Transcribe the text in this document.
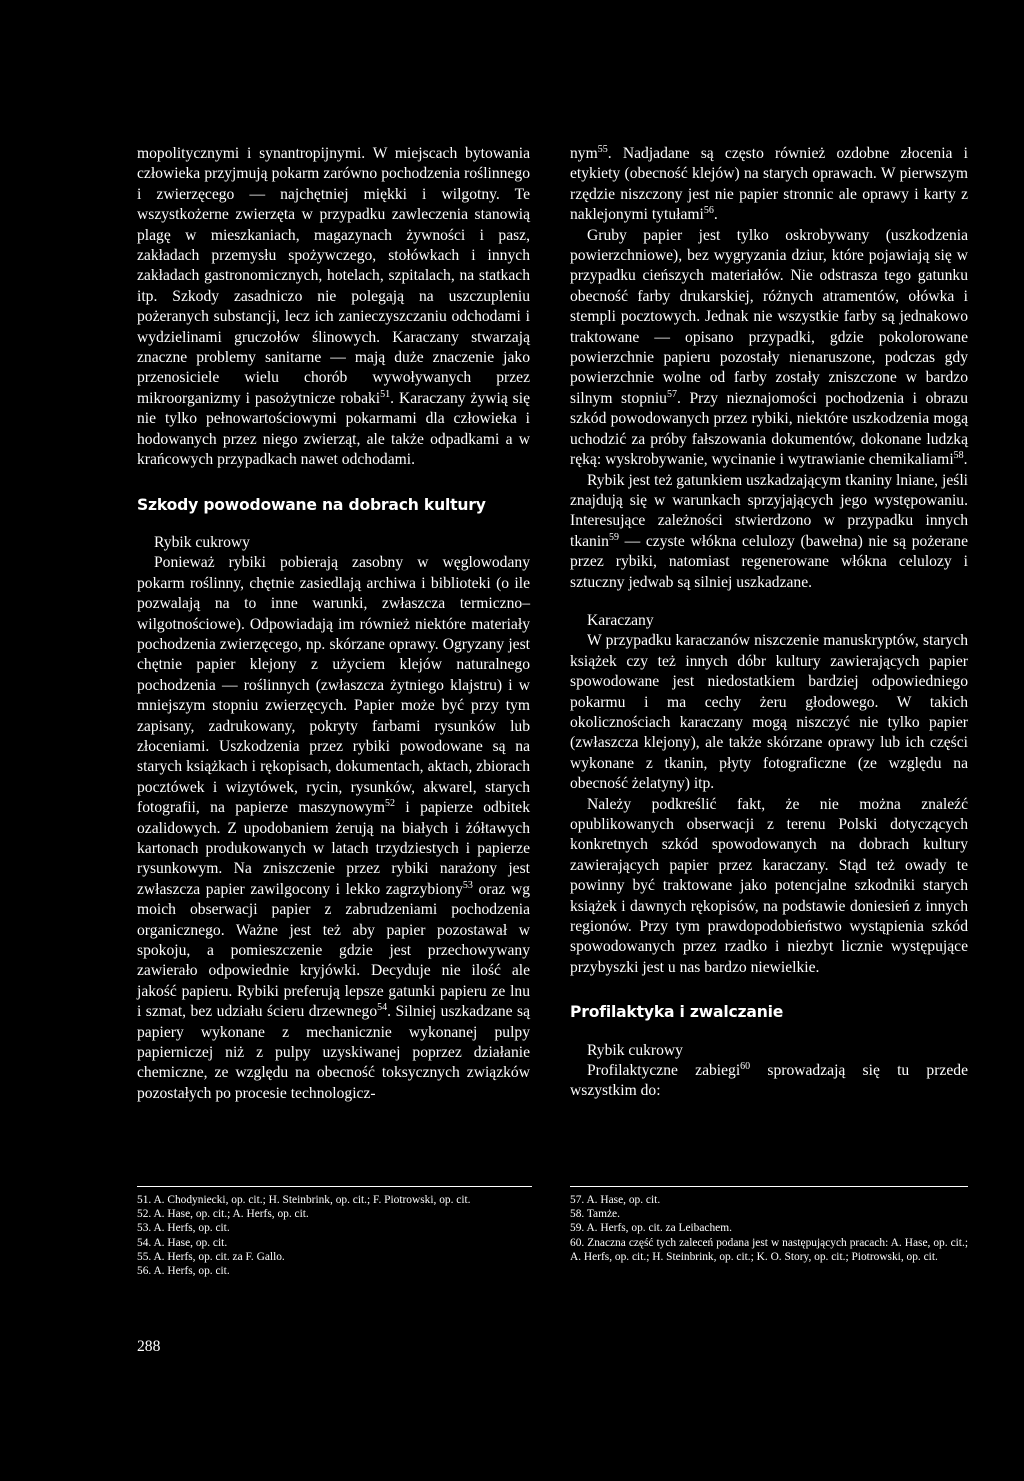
mopolitycznymi i synantropijnymi. W miejscach bytowania człowieka przyjmują pokarm zarówno pochodzenia roślinnego i zwierzęcego — najchętniej miękki i wilgotny. Te wszystkożerne zwierzęta w przypadku zawleczenia stanowią plagę w mieszkaniach, magazynach żywności i pasz, zakładach przemysłu spożywczego, stołówkach i innych zakładach gastronomicznych, hotelach, szpitalach, na statkach itp. Szkody zasadniczo nie polegają na uszczupleniu pożeranych substancji, lecz ich zanieczyszczaniu odchodami i wydzielinami gruczołów ślinowych. Karaczany stwarzają znaczne problemy sanitarne — mają duże znaczenie jako przenosiciele wielu chorób wywoływanych przez mikroorganizmy i pasożytnicze robaki$^{51}$. Karaczany żywią się nie tylko pełnowartościowymi pokarmami dla człowieka i hodowanych przez niego zwierząt, ale także odpadkami a w krańcowych przypadkach nawet odchodami.

Szkody powodowane na dobrach kultury
Rybik cukrowy

Ponieważ rybiki pobierają zasobny w węglowodany pokarm roślinny, chętnie zasiedlają archiwa i biblioteki (o ile pozwalają na to inne warunki, zwłaszcza termiczno–wilgotnościowe). Odpowiadają im również niektóre materiały pochodzenia zwierzęcego, np. skórzane oprawy. Ogryzany jest chętnie papier klejony z użyciem klejów naturalnego pochodzenia — roślinnych (zwłaszcza żytniego klajstru) i w mniejszym stopniu zwierzęcych. Papier może być przy tym zapisany, zadrukowany, pokryty farbami rysunków lub złoceniami. Uszkodzenia przez rybiki powodowane są na starych książkach i rękopisach, dokumentach, aktach, zbiorach pocztówek i wizytówek, rycin, rysunków, akwarel, starych fotografii, na papierze maszynowym$^{52}$ i papierze odbitek ozalidowych. Z upodobaniem żerują na białych i żółtawych kartonach produkowanych w latach trzydziestych i papierze rysunkowym. Na zniszczenie przez rybiki narażony jest zwłaszcza papier zawilgocony i lekko zagrzybiony$^{53}$ oraz wg moich obserwacji papier z zabrudzeniami pochodzenia organicznego. Ważne jest też aby papier pozostawał w spokoju, a pomieszczenie gdzie jest przechowywany zawierało odpowiednie kryjówki. Decyduje nie ilość ale jakość papieru. Rybiki preferują lepsze gatunki papieru ze lnu i szmat, bez udziału ścieru drzewnego$^{54}$. Silniej uszkadzane są papiery wykonane z mechanicznie wykonanej pulpy papierniczej niż z pulpy uzyskiwanej poprzez działanie chemiczne, ze względu na obecność toksycznych związków pozostałych po procesie technologicz-

nym$^{55}$. Nadjadane są często również ozdobne złocenia i etykiety (obecność klejów) na starych oprawach. W pierwszym rzędzie niszczony jest nie papier stronnic ale oprawy i karty z naklejonymi tytułami$^{56}$.

Gruby papier jest tylko oskrobywany (uszkodzenia powierzchniowe), bez wygryzania dziur, które pojawiają się w przypadku cieńszych materiałów. Nie odstrasza tego gatunku obecność farby drukarskiej, różnych atramentów, ołówka i stempli pocztowych. Jednak nie wszystkie farby są jednakowo traktowane — opisano przypadki, gdzie pokolorowane powierzchnie papieru pozostały nienaruszone, podczas gdy powierzchnie wolne od farby zostały zniszczone w bardzo silnym stopniu$^{57}$. Przy nieznajomości pochodzenia i obrazu szkód powodowanych przez rybiki, niektóre uszkodzenia mogą uchodzić za próby fałszowania dokumentów, dokonane ludzką ręką: wyskrobywanie, wycinanie i wytrawianie chemikaliami$^{58}$.

Rybik jest też gatunkiem uszkadzającym tkaniny lniane, jeśli znajdują się w warunkach sprzyjających jego występowaniu. Interesujące zależności stwierdzono w przypadku innych tkanin$^{59}$ — czyste włókna celulozy (bawełna) nie są pożerane przez rybiki, natomiast regenerowane włókna celulozy i sztuczny jedwab są silniej uszkadzane.

Karaczany

W przypadku karaczanów niszczenie manuskryptów, starych książek czy też innych dóbr kultury zawierających papier spowodowane jest niedostatkiem bardziej odpowiedniego pokarmu i ma cechy żeru głodowego. W takich okolicznościach karaczany mogą niszczyć nie tylko papier (zwłaszcza klejony), ale także skórzane oprawy lub ich części wykonane z tkanin, płyty fotograficzne (ze względu na obecność żelatyny) itp.

Należy podkreślić fakt, że nie można znaleźć opublikowanych obserwacji z terenu Polski dotyczących konkretnych szkód spowodowanych na dobrach kultury zawierających papier przez karaczany. Stąd też owady te powinny być traktowane jako potencjalne szkodniki starych książek i dawnych rękopisów, na podstawie doniesień z innych regionów. Przy tym prawdopodobieństwo wystąpienia szkód spowodowanych przez rzadko i niezbyt licznie występujące przybyszki jest u nas bardzo niewielkie.

Profilaktyka i zwalczanie
Rybik cukrowy

Profilaktyczne zabiegi$^{60}$ sprowadzają się tu przede wszystkim do:

51. A. Chodyniecki, op. cit.; H. Steinbrink, op. cit.; F. Piotrowski, op. cit.
52. A. Hase, op. cit.; A. Herfs, op. cit.
53. A. Herfs, op. cit.
54. A. Hase, op. cit.
55. A. Herfs, op. cit. za F. Gallo.
56. A. Herfs, op. cit.
57. A. Hase, op. cit.
58. Tamże.
59. A. Herfs, op. cit. za Leibachem.
60. Znaczna część tych zaleceń podana jest w następujących pracach: A. Hase, op. cit.; A. Herfs, op. cit.; H. Steinbrink, op. cit.; K. O. Story, op. cit.; Piotrowski, op. cit.
288
